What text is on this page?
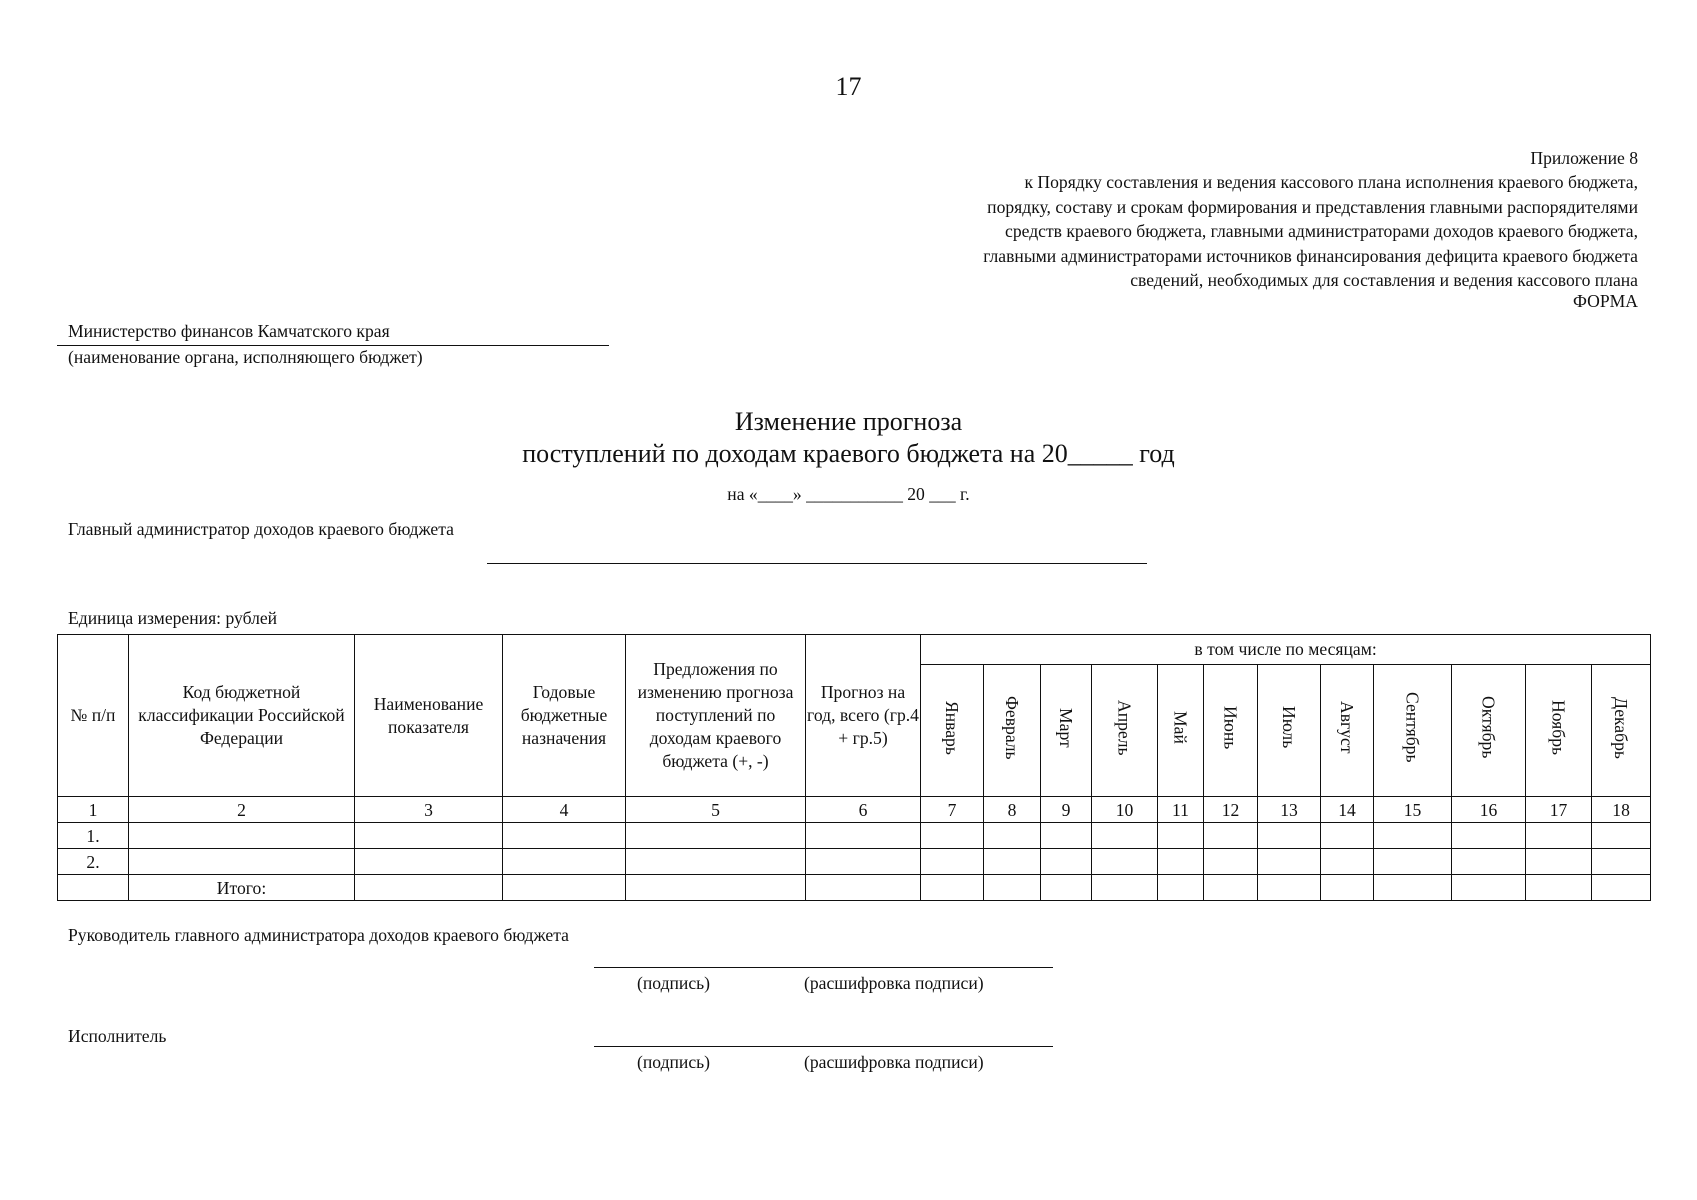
17
Приложение 8
к Порядку составления и ведения кассового плана исполнения краевого бюджета,
порядку, составу и срокам формирования и представления главными распорядителями
средств краевого бюджета, главными администраторами доходов краевого бюджета,
главными администраторами источников финансирования дефицита краевого бюджета
сведений, необходимых для составления и ведения кассового плана
ФОРМА
Министерство финансов Камчатского края
(наименование органа, исполняющего бюджет)
Изменение прогноза
поступлений по доходам краевого бюджета на 20_____ год
на «____» ___________ 20 ___ г.
Главный администратор доходов краевого бюджета
Единица измерения: рублей
№ п/п	Код бюджетной классификации Российской Федерации	Наименование показателя	Годовые бюджетные назначения	Предложения по изменению прогноза поступлений по доходам краевого бюджета (+, -)	Прогноз на год, всего (гр.4 + гр.5)	в том числе по месяцам:											
						Январь	Февраль	Март	Апрель	Май	Июнь	Июль	Август	Сентябрь	Октябрь	Ноябрь	Декабрь
1	2	3	4	5	6	7	8	9	10	11	12	13	14	15	16	17	18
1.																	
2.																	
	Итого:																
Руководитель главного администратора доходов краевого бюджета
(подпись)	(расшифровка подписи)
Исполнитель
(подпись)	(расшифровка подписи)
